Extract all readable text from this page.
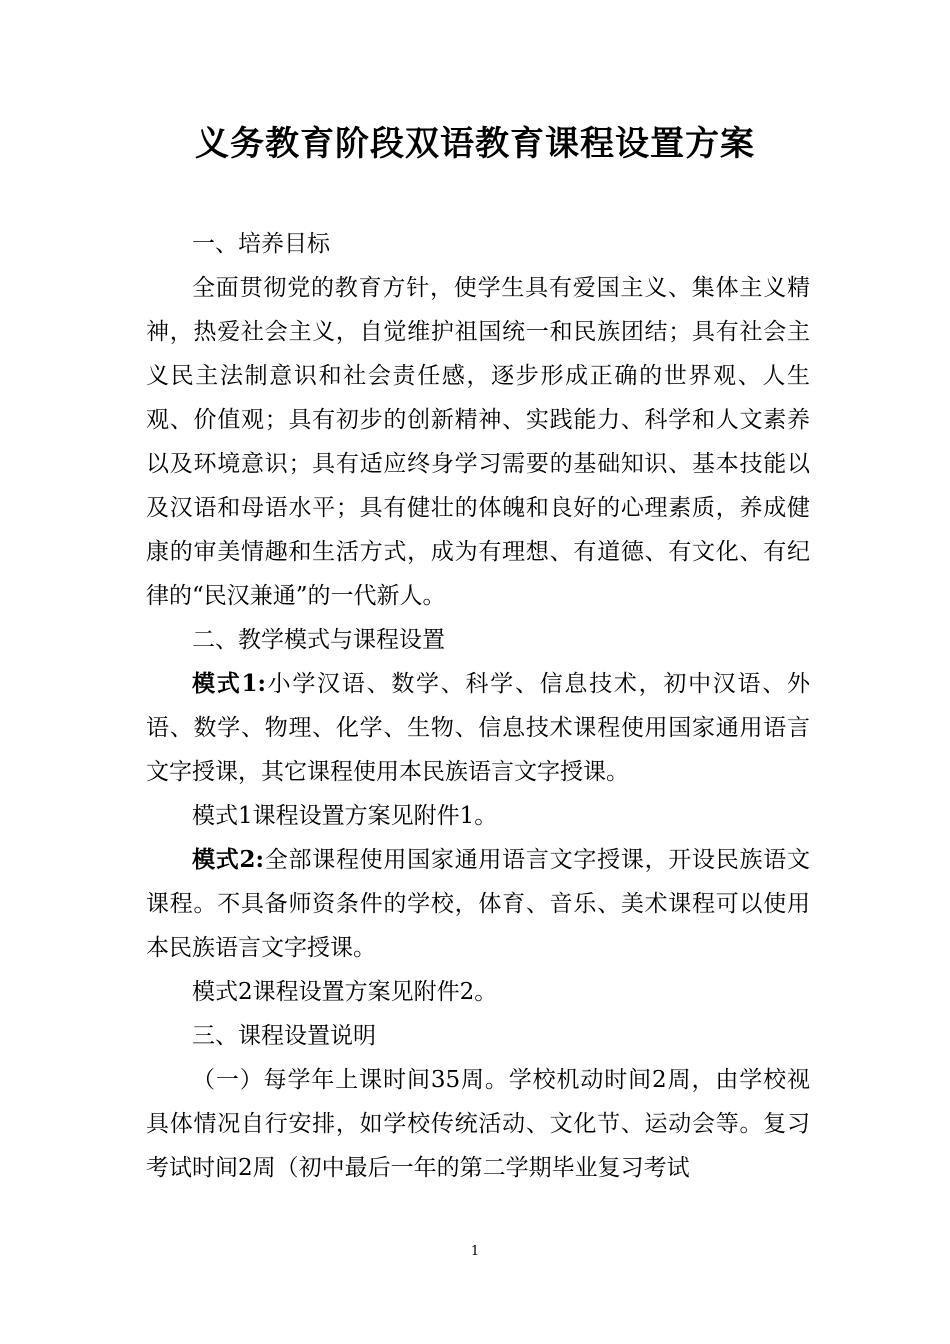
义务教育阶段双语教育课程设置方案

一、培养目标

全面贯彻党的教育方针，使学生具有爱国主义、集体主义精神，热爱社会主义，自觉维护祖国统一和民族团结；具有社会主义民主法制意识和社会责任感，逐步形成正确的世界观、人生观、价值观；具有初步的创新精神、实践能力、科学和人文素养以及环境意识；具有适应终身学习需要的基础知识、基本技能以及汉语和母语水平；具有健壮的体魄和良好的心理素质，养成健康的审美情趣和生活方式，成为有理想、有道德、有文化、有纪律的“民汉兼通”的一代新人。

二、教学模式与课程设置

模式1:小学汉语、数学、科学、信息技术，初中汉语、外语、数学、物理、化学、生物、信息技术课程使用国家通用语言文字授课，其它课程使用本民族语言文字授课。

模式1课程设置方案见附件1。

模式2:全部课程使用国家通用语言文字授课，开设民族语文课程。不具备师资条件的学校，体育、音乐、美术课程可以使用本民族语言文字授课。

模式2课程设置方案见附件2。

三、课程设置说明

（一）每学年上课时间35周。学校机动时间2周，由学校视具体情况自行安排，如学校传统活动、文化节、运动会等。复习考试时间2周（初中最后一年的第二学期毕业复习考试

1
